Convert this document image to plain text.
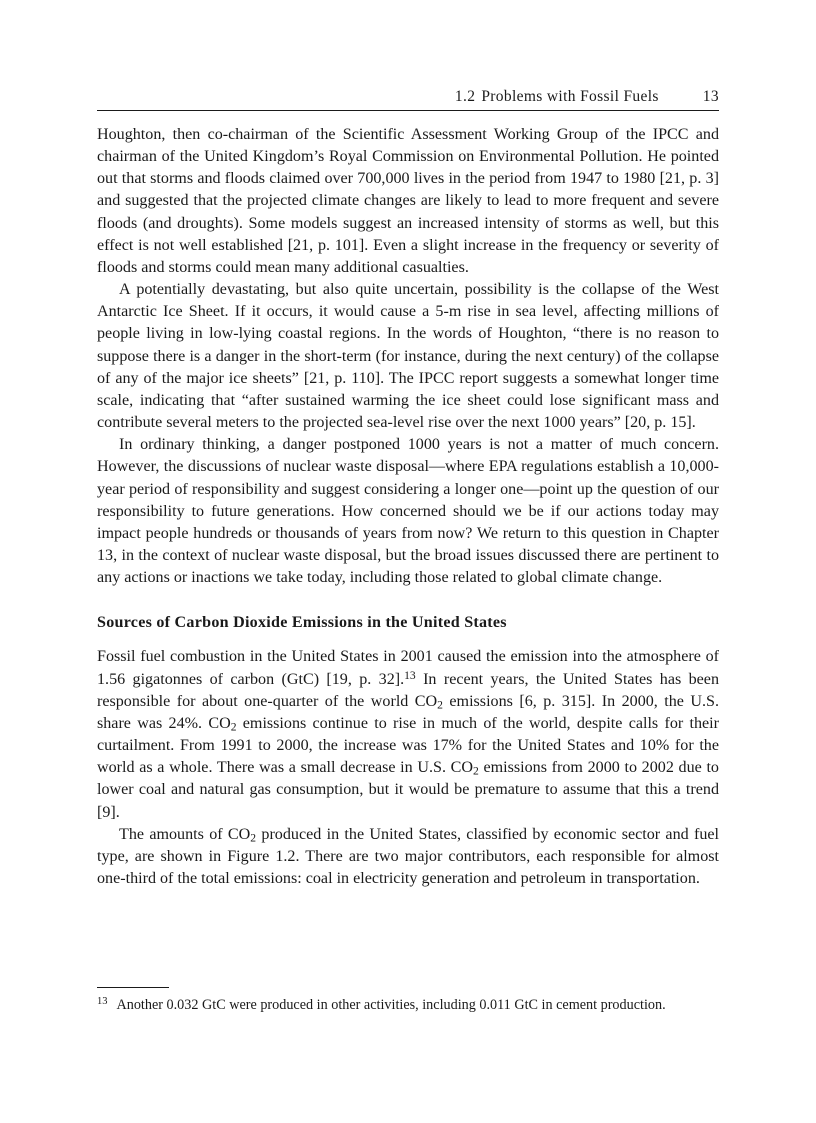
1.2 Problems with Fossil Fuels	13

Houghton, then co-chairman of the Scientific Assessment Working Group of the IPCC and chairman of the United Kingdom’s Royal Commission on Environmental Pollution. He pointed out that storms and floods claimed over 700,000 lives in the period from 1947 to 1980 [21, p. 3] and suggested that the projected climate changes are likely to lead to more frequent and severe floods (and droughts). Some models suggest an increased intensity of storms as well, but this effect is not well established [21, p. 101]. Even a slight increase in the frequency or severity of floods and storms could mean many additional casualties.

A potentially devastating, but also quite uncertain, possibility is the collapse of the West Antarctic Ice Sheet. If it occurs, it would cause a 5-m rise in sea level, affecting millions of people living in low-lying coastal regions. In the words of Houghton, “there is no reason to suppose there is a danger in the short-term (for instance, during the next century) of the collapse of any of the major ice sheets” [21, p. 110]. The IPCC report suggests a somewhat longer time scale, indicating that “after sustained warming the ice sheet could lose significant mass and contribute several meters to the projected sea-level rise over the next 1000 years” [20, p. 15].

In ordinary thinking, a danger postponed 1000 years is not a matter of much concern. However, the discussions of nuclear waste disposal—where EPA regulations establish a 10,000-year period of responsibility and suggest considering a longer one—point up the question of our responsibility to future generations. How concerned should we be if our actions today may impact people hundreds or thousands of years from now? We return to this question in Chapter 13, in the context of nuclear waste disposal, but the broad issues discussed there are pertinent to any actions or inactions we take today, including those related to global climate change.

Sources of Carbon Dioxide Emissions in the United States

Fossil fuel combustion in the United States in 2001 caused the emission into the atmosphere of 1.56 gigatonnes of carbon (GtC) [19, p. 32].$^{13}$ In recent years, the United States has been responsible for about one-quarter of the world $CO_2$ emissions [6, p. 315]. In 2000, the U.S. share was 24%. $CO_2$ emissions continue to rise in much of the world, despite calls for their curtailment. From 1991 to 2000, the increase was 17% for the United States and 10% for the world as a whole. There was a small decrease in U.S. $CO_2$ emissions from 2000 to 2002 due to lower coal and natural gas consumption, but it would be premature to assume that this a trend [9].

The amounts of $CO_2$ produced in the United States, classified by economic sector and fuel type, are shown in Figure 1.2. There are two major contributors, each responsible for almost one-third of the total emissions: coal in electricity generation and petroleum in transportation.

$^{13}$ Another 0.032 GtC were produced in other activities, including 0.011 GtC in cement production.
